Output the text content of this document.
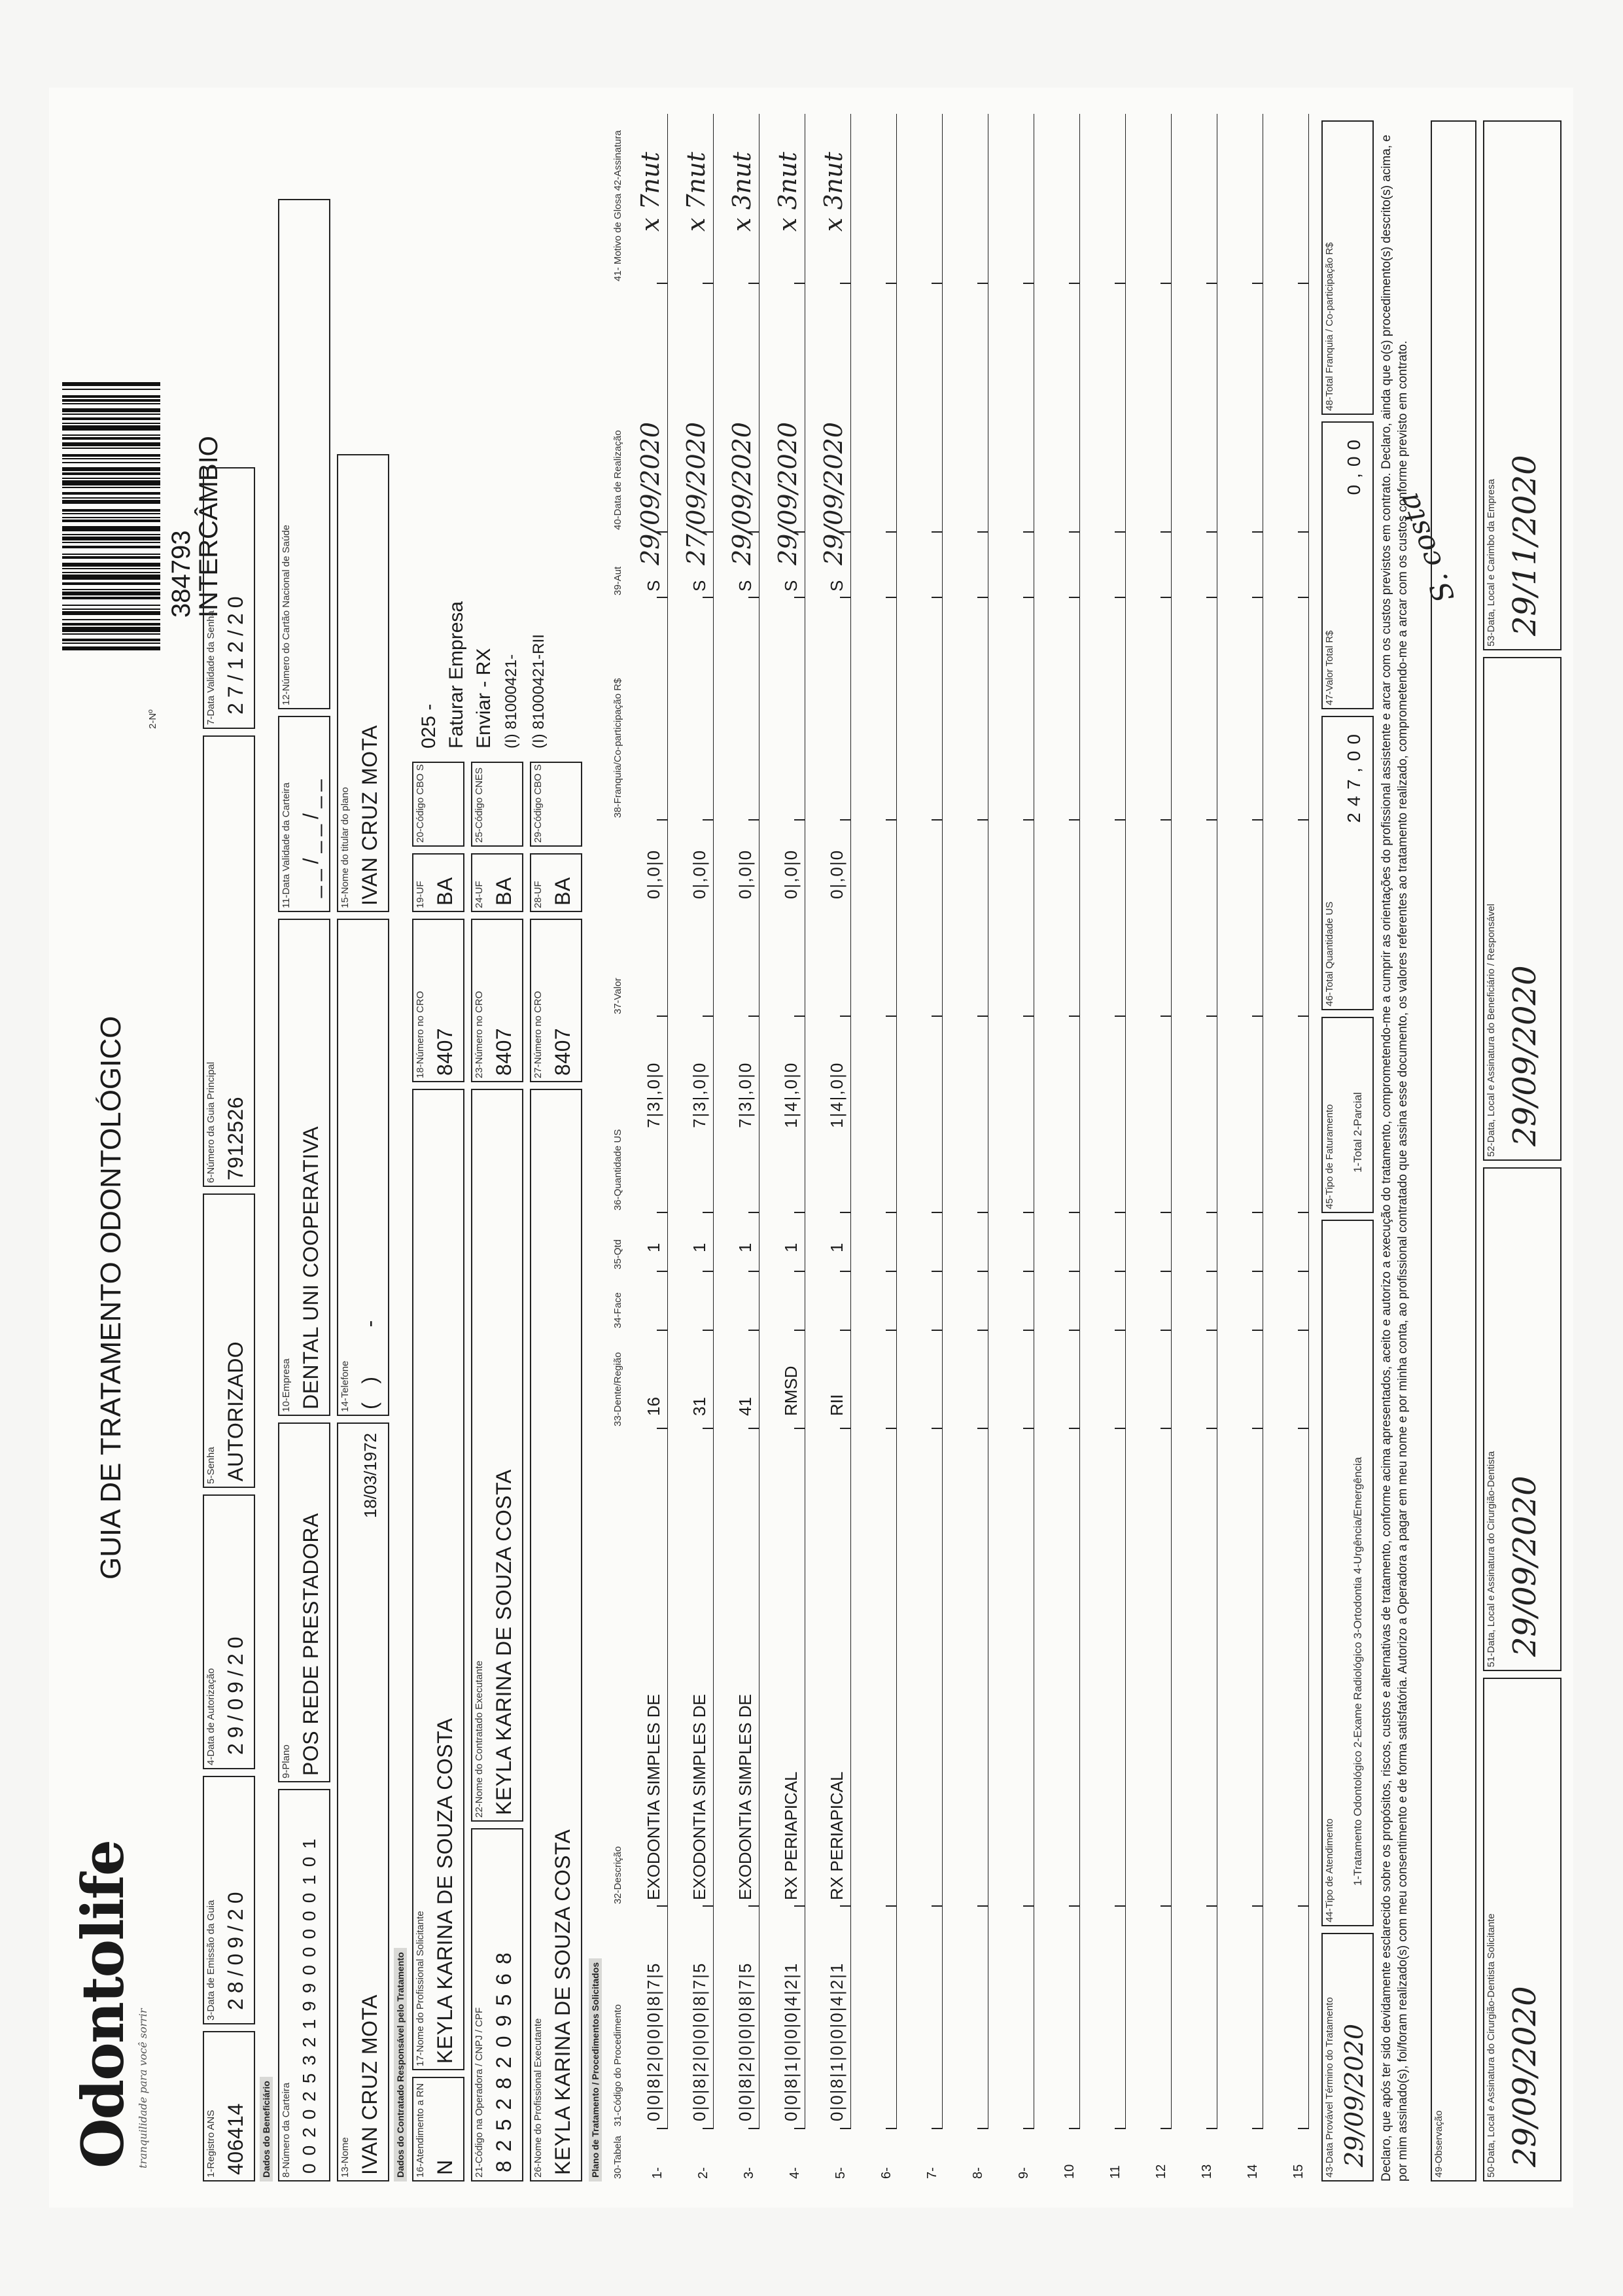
Odontolife tranquilidade para você sorrir
GUIA DE TRATAMENTO ODONTOLÓGICO
2-Nº
384793
INTERCÂMBIO
1-Registro ANS 406414
3-Data de Emissão da Guia 28/09/20
4-Data de Autorização 29/09/20
5-Senha AUTORIZADO
6-Número da Guia Principal 7912526
7-Data Validade da Senha 27/12/20
Dados do Beneficiário 8-Número da Carteira 0020253219900000101
9-Plano POS REDE PRESTADORA
10-Empresa DENTAL UNI COOPERATIVA
11-Data Validade da Carteira __/__/__
12-Número do Cartão Nacional de Saúde
13-Nome IVAN CRUZ MOTA
18/03/1972
14-Telefone (   )        -
15-Nome do titular do plano IVAN CRUZ MOTA
Dados do Contratado Responsável pelo Tratamento 16-Atendimento a RN N
17-Nome do Profissional Solicitante KEYLA KARINA DE SOUZA COSTA
18-Número no CRO 8407
19-UF BA
20-Código CBO S
21-Código na Operadora / CNPJ / CPF 82528209568
22-Nome do Contratado Executante KEYLA KARINA DE SOUZA COSTA
23-Número no CRO 8407
24-UF BA
25-Código CNES
26-Nome do Profissional Executante KEYLA KARINA DE SOUZA COSTA
27-Número no CRO 8407
28-UF BA
29-Código CBO S
025 - Faturar Empresa Enviar - RX (I) 81000421- (I) 81000421-RII
Plano de Tratamento / Procedimentos Solicitados 30-Tabela
31-Código do Procedimento
32-Descrição
33-Dente/Região
34-Face
35-Qtd
36-Quantidade US
37-Valor
38-Franquia/Co-participação R$
39-Aut
40-Data de Realização
41- Motivo de Glosa 42-Assinatura
1-
0|0|8|2|0|0|0|8|7|5
EXODONTIA SIMPLES DE
16
1
7|3|,0|0
0|,0|0
S
29/09/2020
x 7nut
2-
0|0|8|2|0|0|0|8|7|5
EXODONTIA SIMPLES DE
31
1
7|3|,0|0
0|,0|0
S
27/09/2020
x 7nut
3-
0|0|8|2|0|0|0|8|7|5
EXODONTIA SIMPLES DE
41
1
7|3|,0|0
0|,0|0
S
29/09/2020
x 3nut
4-
0|0|8|1|0|0|0|4|2|1
RX PERIAPICAL
RMSD
1
1|4|,0|0
0|,0|0
S
29/09/2020
x 3nut
5-
0|0|8|1|0|0|0|4|2|1
RX PERIAPICAL
RII
1
1|4|,0|0
0|,0|0
S
29/09/2020
x 3nut
6- 7- 8- 9- 10 11 12 13 14 15 43-Data Provável Término do Tratamento 29/09/2020
44-Tipo de Atendimento 1-Tratamento Odontológico 2-Exame Radiológico 3-Ortodontia 4-Urgência/Emergência
45-Tipo de Faturamento 1-Total 2-Parcial
46-Total Quantidade US
247,00
47-Valor Total R$
0,00
48-Total Franquia / Co-participação R$	Declaro, que após ter sido devidamente esclarecido sobre os propósitos, riscos, custos e alternativas de tratamento, conforme acima apresentados, aceito e autorizo a execução do tratamento, comprometendo-me a cumprir as orientações do profissional assistente e arcar com os custos previstos em contrato. Declaro, ainda que o(s) procedimento(s) descrito(s) acima, e por mim assinado(s), foi/foram realizado(s) com meu consentimento e de forma satisfatória. Autorizo a Operadora a pagar em meu nome e por minha conta, ao profissional contratado que assina esse documento, os valores referentes ao tratamento realizado, comprometendo-me a arcar com os custos conforme previsto em contrato. 49-Observação	50-Data, Local e Assinatura do Cirurgião-Dentista Solicitante 29/09/2020
51-Data, Local e Assinatura do Cirurgião-Dentista 29/09/2020
52-Data, Local e Assinatura do Beneficiário / Responsável 29/09/2020
53-Data, Local e Carimbo da Empresa 29/11/2020
S. costa
